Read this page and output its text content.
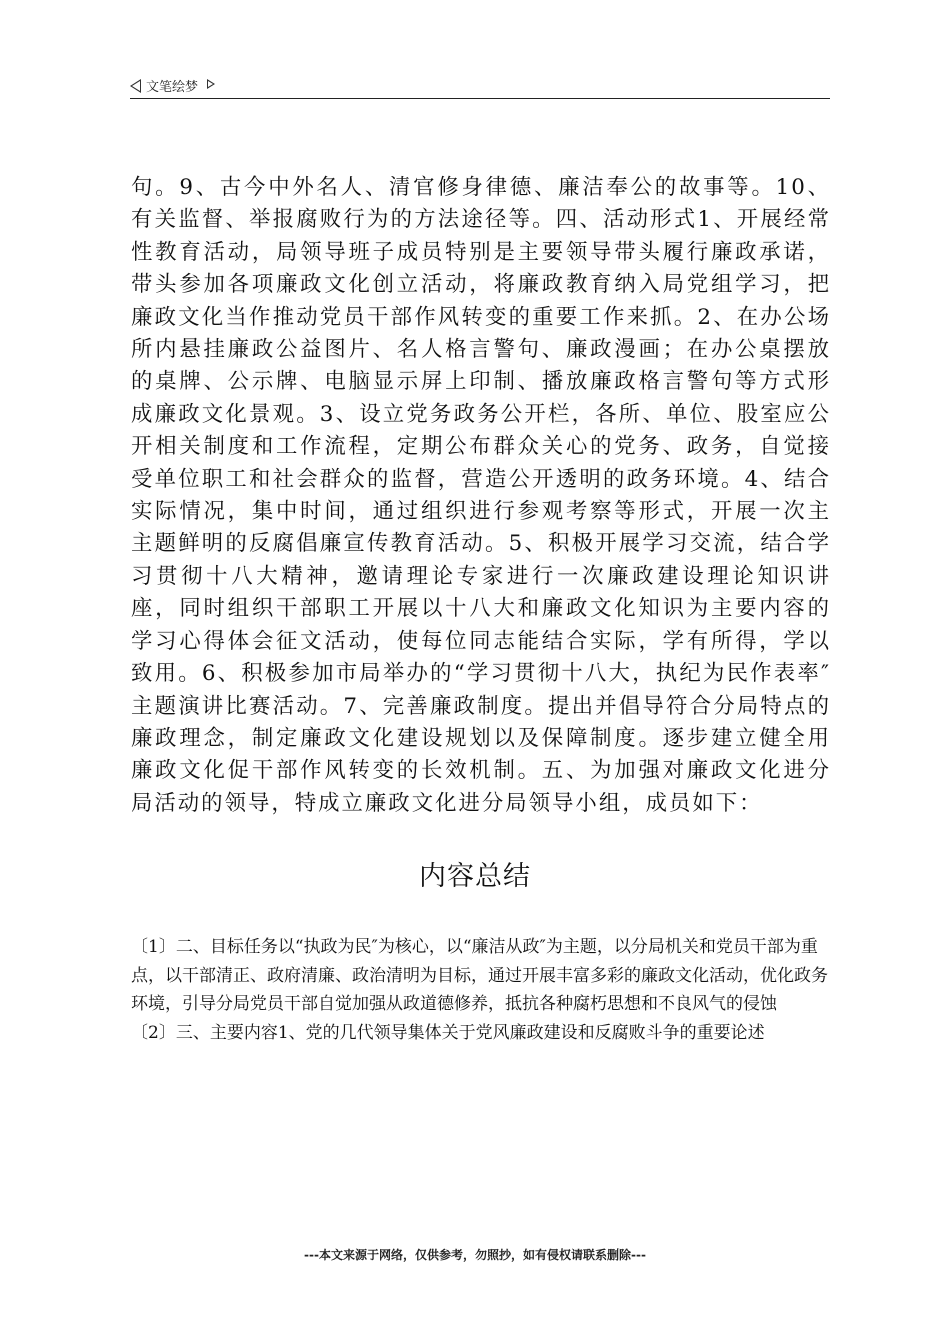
文笔绘梦

句。9、古今中外名人、清官修身律德、廉洁奉公的故事等。10、有关监督、举报腐败行为的方法途径等。四、活动形式1、开展经常性教育活动，局领导班子成员特别是主要领导带头履行廉政承诺，带头参加各项廉政文化创立活动，将廉政教育纳入局党组学习，把廉政文化当作推动党员干部作风转变的重要工作来抓。2、在办公场所内悬挂廉政公益图片、名人格言警句、廉政漫画；在办公桌摆放的桌牌、公示牌、电脑显示屏上印制、播放廉政格言警句等方式形成廉政文化景观。3、设立党务政务公开栏，各所、单位、股室应公开相关制度和工作流程，定期公布群众关心的党务、政务，自觉接受单位职工和社会群众的监督，营造公开透明的政务环境。4、结合实际情况，集中时间，通过组织进行参观考察等形式，开展一次主主题鲜明的反腐倡廉宣传教育活动。5、积极开展学习交流，结合学习贯彻十八大精神，邀请理论专家进行一次廉政建设理论知识讲座，同时组织干部职工开展以十八大和廉政文化知识为主要内容的学习心得体会征文活动，使每位同志能结合实际，学有所得，学以致用。6、积极参加市局举办的“学习贯彻十八大，执纪为民作表率″主题演讲比赛活动。7、完善廉政制度。提出并倡导符合分局特点的廉政理念，制定廉政文化建设规划以及保障制度。逐步建立健全用廉政文化促干部作风转变的长效机制。五、为加强对廉政文化进分局活动的领导，特成立廉政文化进分局领导小组，成员如下：

内容总结

〔1〕二、目标任务以“执政为民″为核心，以“廉洁从政″为主题，以分局机关和党员干部为重点，以干部清正、政府清廉、政治清明为目标，通过开展丰富多彩的廉政文化活动，优化政务环境，引导分局党员干部自觉加强从政道德修养，抵抗各种腐朽思想和不良风气的侵蚀

〔2〕三、主要内容1、党的几代领导集体关于党风廉政建设和反腐败斗争的重要论述

---本文来源于网络，仅供参考，勿照抄，如有侵权请联系删除---
